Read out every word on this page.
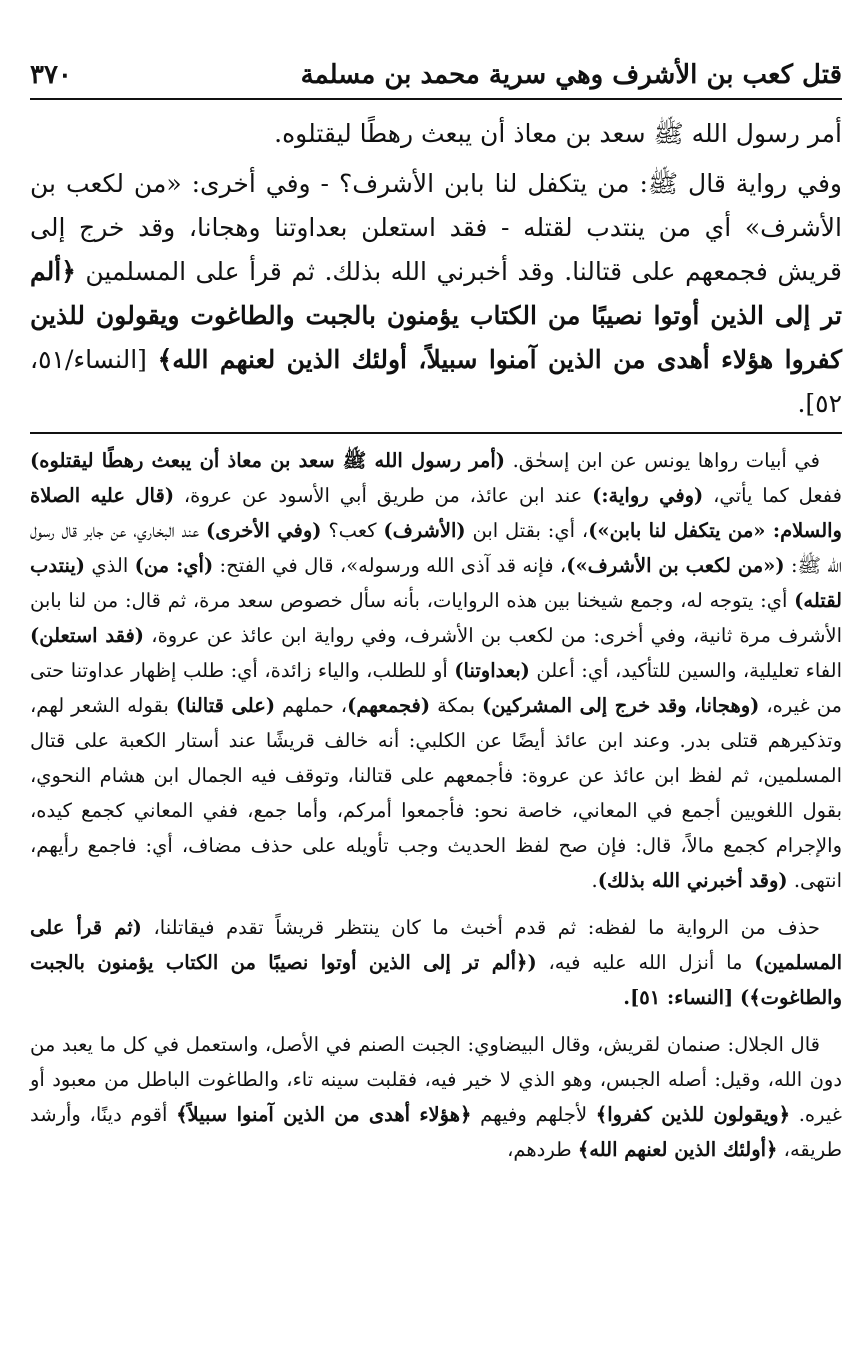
قتل كعب بن الأشرف وهي سرية محمد بن مسلمة
٣٧٠

أمر رسول الله ﷺ سعد بن معاذ أن يبعث رهطًا ليقتلوه.

وفي رواية قال ﷺ: من يتكفل لنا بابن الأشرف؟ - وفي أخرى: «من لكعب بن الأشرف» أي من ينتدب لقتله - فقد استعلن بعداوتنا وهجانا، وقد خرج إلى قريش فجمعهم على قتالنا. وقد أخبرني الله بذلك. ثم قرأ على المسلمين ﴿ألم تر إلى الذين أوتوا نصيبًا من الكتاب يؤمنون بالجبت والطاغوت ويقولون للذين كفروا هؤلاء أهدى من الذين آمنوا سبيلاً، أولئك الذين لعنهم الله﴾ [النساء/٥١، ٥٢].

في أبيات رواها يونس عن ابن إسحٰق. (أمر رسول الله ﷺ سعد بن معاذ أن يبعث رهطًا ليقتلوه) ففعل كما يأتي، (وفي رواية:) عند ابن عائذ، من طريق أبي الأسود عن عروة، (قال عليه الصلاة والسلام: «من يتكفل لنا بابن»)، أي: بقتل ابن (الأشرف) كعب؟ (وفي الأخرى) عند البخاري، عن جابر قال رسول الله ﷺ: («من لكعب بن الأشرف»)، فإنه قد آذى الله ورسوله»، قال في الفتح: (أي: من) الذي (ينتدب لقتله) أي: يتوجه له، وجمع شيخنا بين هذه الروايات، بأنه سأل خصوص سعد مرة، ثم قال: من لنا بابن الأشرف مرة ثانية، وفي أخرى: من لكعب بن الأشرف، وفي رواية ابن عائذ عن عروة، (فقد استعلن) الفاء تعليلية، والسين للتأكيد، أي: أعلن (بعداوتنا) أو للطلب، والياء زائدة، أي: طلب إظهار عداوتنا حتى من غيره، (وهجانا، وقد خرج إلى المشركين) بمكة (فجمعهم)، حملهم (على قتالنا) بقوله الشعر لهم، وتذكيرهم قتلى بدر. وعند ابن عائذ أيضًا عن الكلبي: أنه خالف قريشًا عند أستار الكعبة على قتال المسلمين، ثم لفظ ابن عائذ عن عروة: فأجمعهم على قتالنا، وتوقف فيه الجمال ابن هشام النحوي، بقول اللغويين أجمع في المعاني، خاصة نحو: فأجمعوا أمركم، وأما جمع، ففي المعاني كجمع كيده، والإجرام كجمع مالاً، قال: فإن صح لفظ الحديث وجب تأويله على حذف مضاف، أي: فاجمع رأيهم، انتهى. (وقد أخبرني الله بذلك).

حذف من الرواية ما لفظه: ثم قدم أخبث ما كان ينتظر قريشاً تقدم فيقاتلنا، (ثم قرأ على المسلمين) ما أنزل الله عليه فيه، (﴿ألم تر إلى الذين أوتوا نصيبًا من الكتاب يؤمنون بالجبت والطاغوت﴾) [النساء: ٥١].

قال الجلال: صنمان لقريش، وقال البيضاوي: الجبت الصنم في الأصل، واستعمل في كل ما يعبد من دون الله، وقيل: أصله الجبس، وهو الذي لا خير فيه، فقلبت سينه تاء، والطاغوت الباطل من معبود أو غيره. ﴿ويقولون للذين كفروا﴾ لأجلهم وفيهم ﴿هؤلاء أهدى من الذين آمنوا سبيلاً﴾ أقوم دينًا، وأرشد طريقه، ﴿أولئك الذين لعنهم الله﴾ طردهم،
